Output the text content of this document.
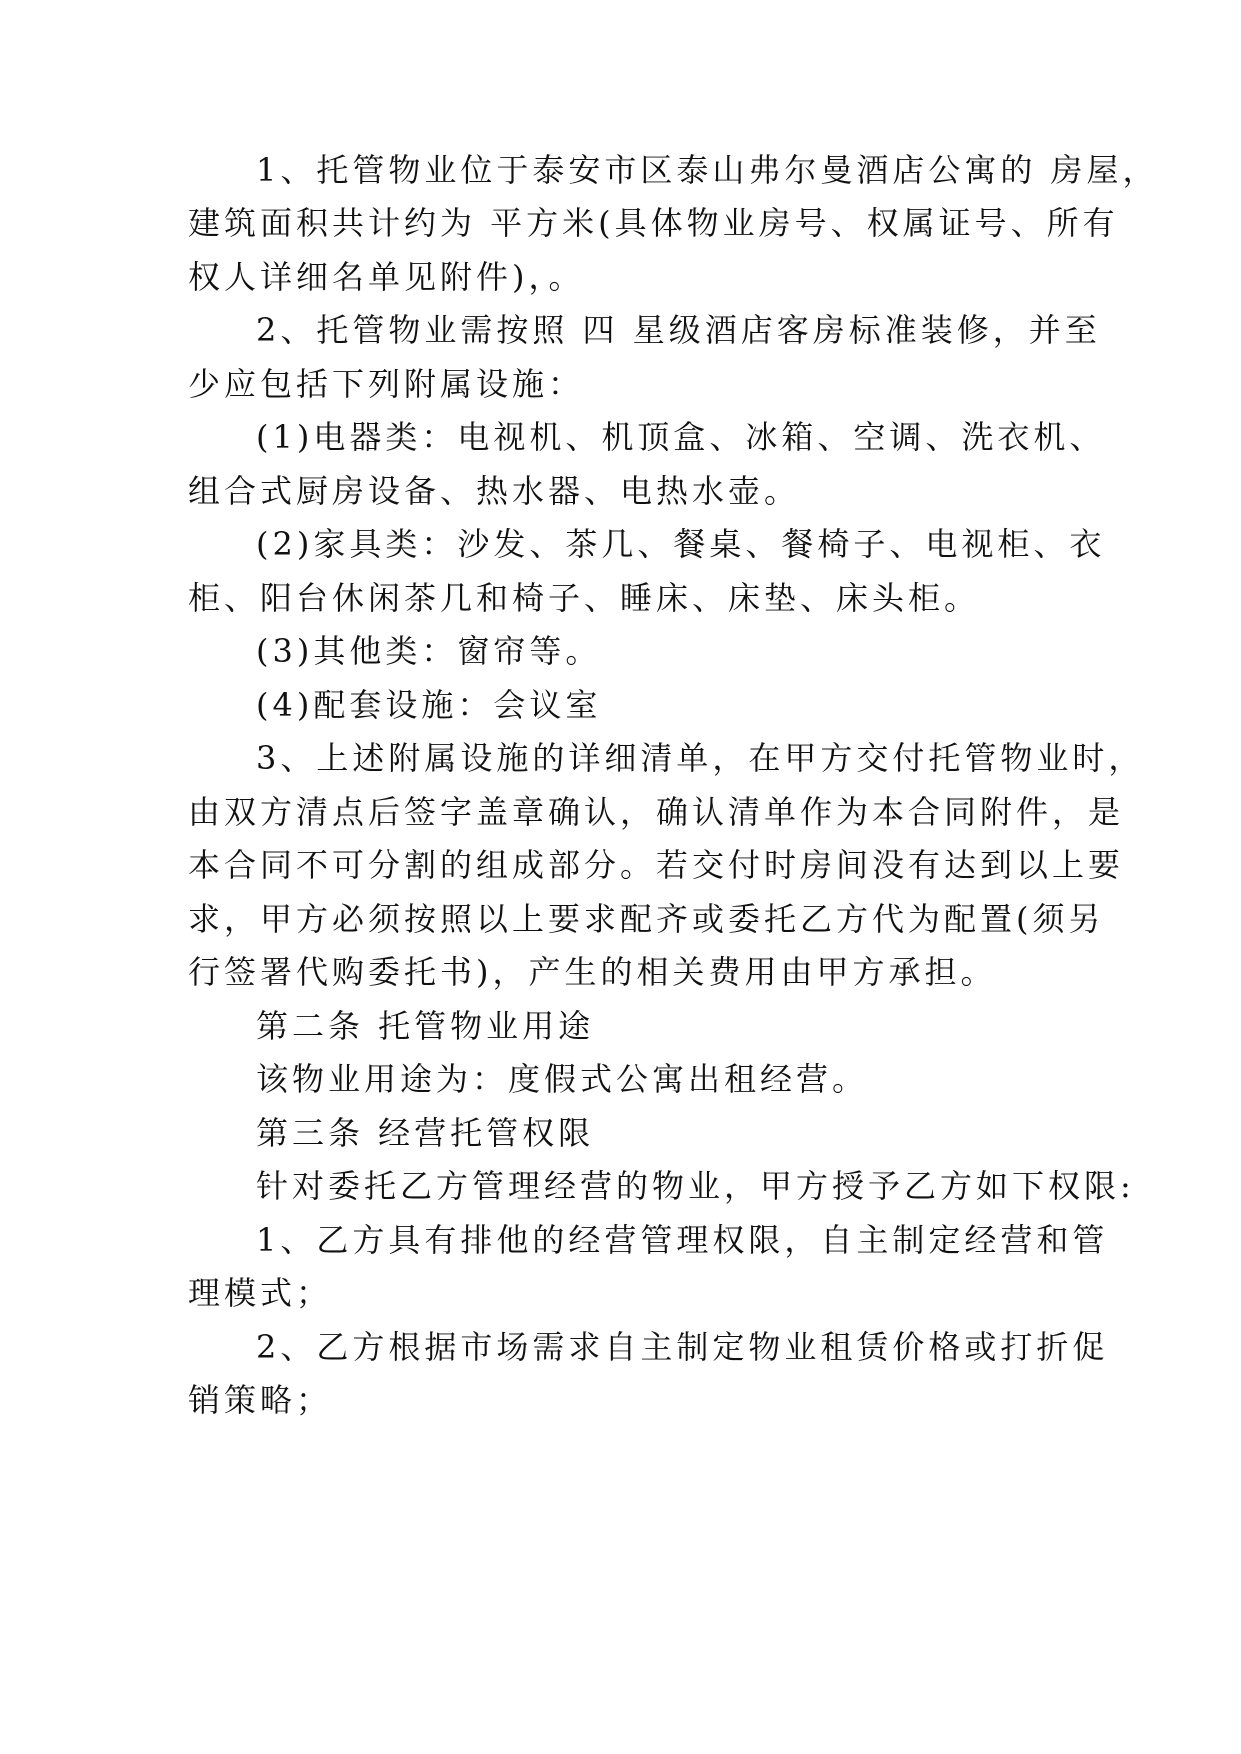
1、托管物业位于泰安市区泰山弗尔曼酒店公寓的 房屋，
建筑面积共计约为 平方米(具体物业房号、权属证号、所有
权人详细名单见附件)，。
2、托管物业需按照 四 星级酒店客房标准装修，并至
少应包括下列附属设施：
(1)电器类：电视机、机顶盒、冰箱、空调、洗衣机、
组合式厨房设备、热水器、电热水壶。
(2)家具类：沙发、茶几、餐桌、餐椅子、电视柜、衣
柜、阳台休闲茶几和椅子、睡床、床垫、床头柜。
(3)其他类：窗帘等。
(4)配套设施：会议室
3、上述附属设施的详细清单，在甲方交付托管物业时，
由双方清点后签字盖章确认，确认清单作为本合同附件，是
本合同不可分割的组成部分。若交付时房间没有达到以上要
求，甲方必须按照以上要求配齐或委托乙方代为配置(须另
行签署代购委托书)，产生的相关费用由甲方承担。
第二条 托管物业用途
该物业用途为：度假式公寓出租经营。
第三条 经营托管权限
针对委托乙方管理经营的物业，甲方授予乙方如下权限:
1、乙方具有排他的经营管理权限，自主制定经营和管
理模式；
2、乙方根据市场需求自主制定物业租赁价格或打折促
销策略；
